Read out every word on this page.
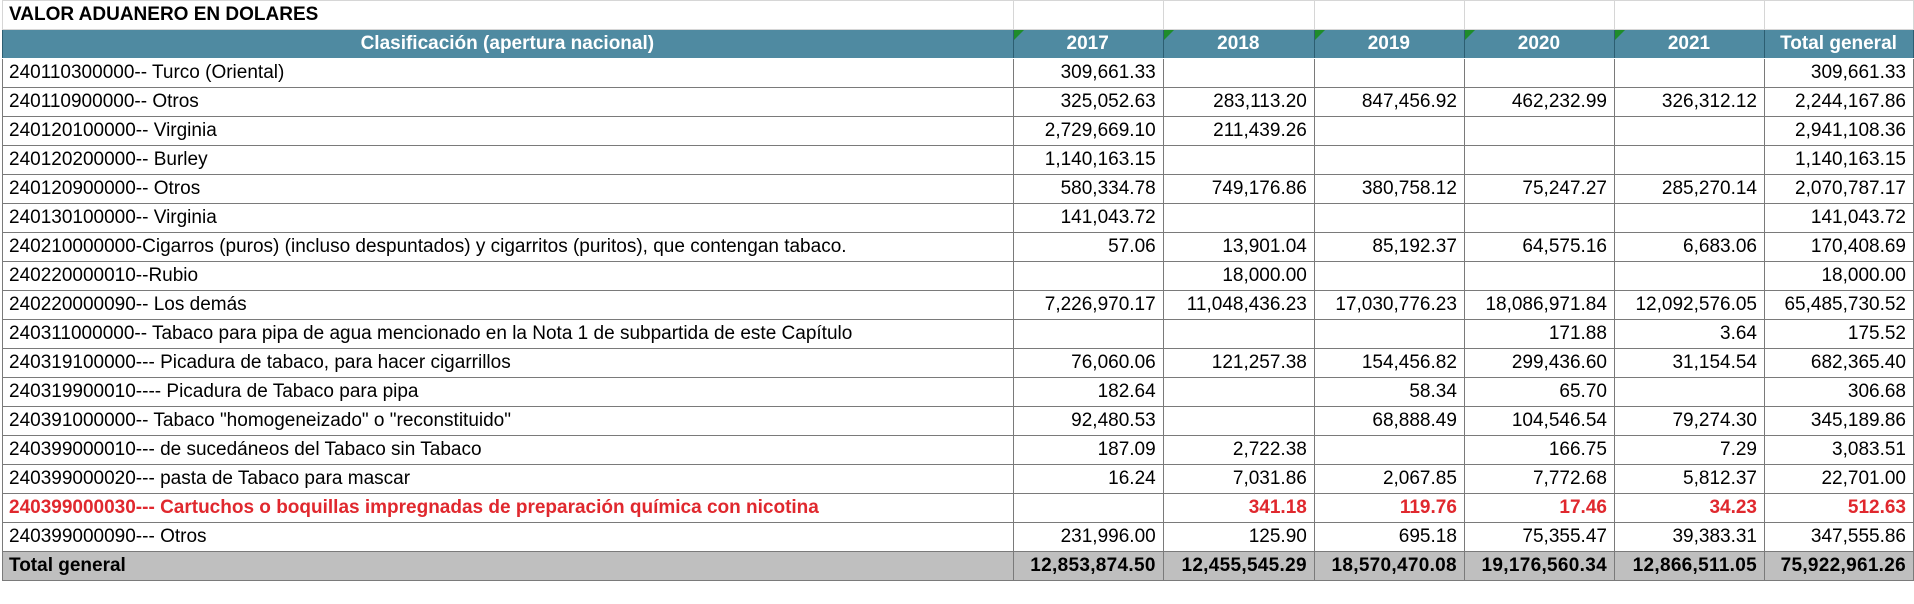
VALOR ADUANERO EN DOLARES						
Clasificación (apertura nacional)	2017	2018	2019	2020	2021	Total general
240110300000-- Turco (Oriental)	309,661.33					309,661.33
240110900000-- Otros	325,052.63	283,113.20	847,456.92	462,232.99	326,312.12	2,244,167.86
240120100000-- Virginia	2,729,669.10	211,439.26				2,941,108.36
240120200000-- Burley	1,140,163.15					1,140,163.15
240120900000-- Otros	580,334.78	749,176.86	380,758.12	75,247.27	285,270.14	2,070,787.17
240130100000-- Virginia	141,043.72					141,043.72
240210000000-Cigarros (puros) (incluso despuntados) y cigarritos (puritos), que contengan tabaco.	57.06	13,901.04	85,192.37	64,575.16	6,683.06	170,408.69
240220000010--Rubio		18,000.00				18,000.00
240220000090-- Los demás	7,226,970.17	11,048,436.23	17,030,776.23	18,086,971.84	12,092,576.05	65,485,730.52
240311000000-- Tabaco para pipa de agua mencionado en la Nota 1 de subpartida de este Capítulo				171.88	3.64	175.52
240319100000--- Picadura de tabaco, para hacer cigarrillos	76,060.06	121,257.38	154,456.82	299,436.60	31,154.54	682,365.40
240319900010---- Picadura de Tabaco para pipa	182.64		58.34	65.70		306.68
240391000000-- Tabaco "homogeneizado" o "reconstituido"	92,480.53		68,888.49	104,546.54	79,274.30	345,189.86
240399000010--- de sucedáneos del Tabaco sin Tabaco	187.09	2,722.38		166.75	7.29	3,083.51
240399000020--- pasta de Tabaco para mascar	16.24	7,031.86	2,067.85	7,772.68	5,812.37	22,701.00
240399000030--- Cartuchos o boquillas impregnadas de preparación química con nicotina		341.18	119.76	17.46	34.23	512.63
240399000090--- Otros	231,996.00	125.90	695.18	75,355.47	39,383.31	347,555.86
Total general	12,853,874.50	12,455,545.29	18,570,470.08	19,176,560.34	12,866,511.05	75,922,961.26
